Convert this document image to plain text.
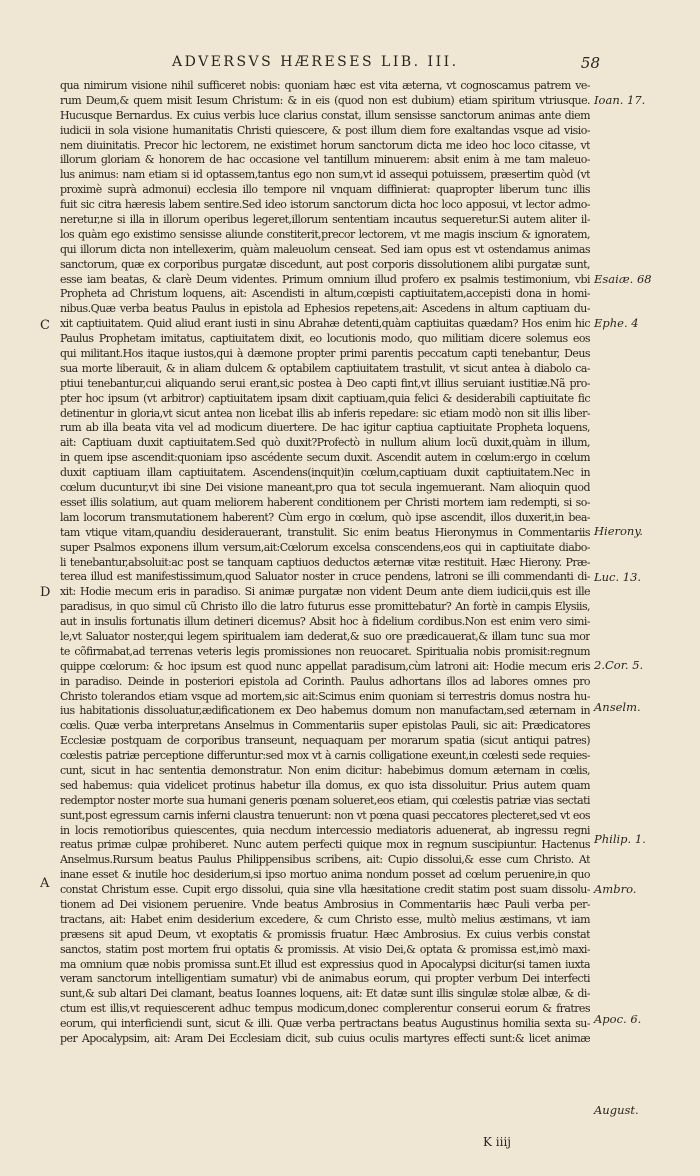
ADVERSVS HÆRESES LIB. III.	58
qua nimirum visione nihil sufficeret nobis: quoniam hæc est vita æterna, vt cognoscamus patrem ve-
rum Deum,& quem misit Iesum Christum: & in eis (quod non est dubium) etiam spiritum vtriusque.
Hucusque Bernardus. Ex cuius verbis luce clarius constat, illum sensisse sanctorum animas ante diem
iudicii in sola visione humanitatis Christi quiescere, & post illum diem fore exaltandas vsque ad visio-
nem diuinitatis. Precor hic lectorem, ne existimet horum sanctorum dicta me ideo hoc loco citasse, vt
illorum gloriam & honorem de hac occasione vel tantillum minuerem: absit enim à me tam maleuo-
lus animus: nam etiam si id optassem,tantus ego non sum,vt id assequi potuissem, præsertim quòd (vt
proximè suprà admonui) ecclesia illo tempore nil vnquam diffinierat: quapropter liberum tunc illis
fuit sic citra hæresis labem sentire.Sed ideo istorum sanctorum dicta hoc loco apposui, vt lector admo-
neretur,ne si illa in illorum operibus legeret,illorum sententiam incautus sequeretur.Si autem aliter il-
los quàm ego existimo sensisse aliunde constiterit,precor lectorem, vt me magis inscium & ignoratem,
qui illorum dicta non intellexerim, quàm maleuolum censeat. Sed iam opus est vt ostendamus animas
sanctorum, quæ ex corporibus purgatæ discedunt, aut post corporis dissolutionem alibi purgatæ sunt,
esse iam beatas, & clarè Deum videntes. Primum omnium illud profero ex psalmis testimonium, vbi
Propheta ad Christum loquens, ait: Ascendisti in altum,cœpisti captiuitatem,accepisti dona in homi-
nibus.Quæ verba beatus Paulus in epistola ad Ephesios repetens,ait: Ascedens in altum captiuam du-
xit captiuitatem. Quid aliud erant iusti in sinu Abrahæ detenti,quàm captiuitas quædam? Hos enim hic
Paulus Prophetam imitatus, captiuitatem dixit, eo locutionis modo, quo militiam dicere solemus eos
qui militant.Hos itaque iustos,qui à dæmone propter primi parentis peccatum capti tenebantur, Deus
sua morte liberauit, & in aliam dulcem & optabilem captiuitatem trastulit, vt sicut antea à diabolo ca-
ptiui tenebantur,cui aliquando serui erant,sic postea à Deo capti fint,vt illius seruiant iustitiæ.Nã pro-
pter hoc ipsum (vt arbitror) captiuitatem ipsam dixit captiuam,quia felici & desiderabili captiuitate fic
detinentur in gloria,vt sicut antea non licebat illis ab inferis repedare: sic etiam modò non sit illis liber-
rum ab illa beata vita vel ad modicum diuertere. De hac igitur captiua captiuitate Propheta loquens,
ait: Captiuam duxit captiuitatem.Sed quò duxit?Profectò in nullum alium locũ duxit,quàm in illum,
in quem ipse ascendit:quoniam ipso ascédente secum duxit. Ascendit autem in cœlum:ergo in cœlum
duxit captiuam illam captiuitatem. Ascendens(inquit)in cœlum,captiuam duxit captiuitatem.Nec in
cœlum ducuntur,vt ibi sine Dei visione maneant,pro qua tot secula ingemuerant. Nam alioquin quod
esset illis solatium, aut quam meliorem haberent conditionem per Christi mortem iam redempti, si so-
lam locorum transmutationem haberent? Cùm ergo in cœlum, quò ipse ascendit, illos duxerit,in bea-
tam vtique vitam,quandiu desiderauerant, transtulit. Sic enim beatus Hieronymus in Commentariis
super Psalmos exponens illum versum,ait:Cœlorum excelsa conscendens,eos qui in captiuitate diabo-
li tenebantur,absoluit:ac post se tanquam captiuos deductos æternæ vitæ restituit. Hæc Hierony. Præ-
terea illud est manifestissimum,quod Saluator noster in cruce pendens, latroni se illi commendanti di-
xit: Hodie mecum eris in paradiso. Si animæ purgatæ non vident Deum ante diem iudicii,quis est ille
paradisus, in quo simul cũ Christo illo die latro futurus esse promittebatur? An fortè in campis Elysiis,
aut in insulis fortunatis illum detineri dicemus? Absit hoc à fidelium cordibus.Non est enim vero simi-
le,vt Saluator noster,qui legem spiritualem iam dederat,& suo ore prædicauerat,& illam tunc sua mor
te cõfirmabat,ad terrenas veteris legis promissiones non reuocaret. Spiritualia nobis promisit:regnum
quippe cœlorum: & hoc ipsum est quod nunc appellat paradisum,cùm latroni ait: Hodie mecum eris
in paradiso. Deinde in posteriori epistola ad Corinth. Paulus adhortans illos ad labores omnes pro
Christo tolerandos etiam vsque ad mortem,sic ait:Scimus enim quoniam si terrestris domus nostra hu-
ius habitationis dissoluatur,ædificationem ex Deo habemus domum non manufactam,sed æternam in
cœlis. Quæ verba interpretans Anselmus in Commentariis super epistolas Pauli, sic ait: Prædicatores
Ecclesiæ postquam de corporibus transeunt, nequaquam per morarum spatia (sicut antiqui patres)
cœlestis patriæ perceptione differuntur:sed mox vt à carnis colligatione exeunt,in cœlesti sede requies-
cunt, sicut in hac sententia demonstratur. Non enim dicitur: habebimus domum æternam in cœlis,
sed habemus: quia videlicet protinus habetur illa domus, ex quo ista dissoluitur. Prius autem quam
redemptor noster morte sua humani generis pœnam solueret,eos etiam, qui cœlestis patriæ vias sectati
sunt,post egressum carnis inferni claustra tenuerunt: non vt pœna quasi peccatores plecteret,sed vt eos
in locis remotioribus quiescentes, quia necdum intercessio mediatoris aduenerat, ab ingressu regni
reatus primæ culpæ prohiberet. Nunc autem perfecti quique mox in regnum suscipiuntur. Hactenus
Anselmus.Rursum beatus Paulus Philippensibus scribens, ait: Cupio dissolui,& esse cum Christo. At
inane esset & inutile hoc desiderium,si ipso mortuo anima nondum posset ad cœlum peruenire,in quo
constat Christum esse. Cupit ergo dissolui, quia sine vlla hæsitatione credit statim post suam dissolu-
tionem ad Dei visionem peruenire. Vnde beatus Ambrosius in Commentariis hæc Pauli verba per-
tractans, ait: Habet enim desiderium excedere, & cum Christo esse, multò melius æstimans, vt iam
præsens sit apud Deum, vt exoptatis & promissis fruatur. Hæc Ambrosius. Ex cuius verbis constat
sanctos, statim post mortem frui optatis & promissis. At visio Dei,& optata & promissa est,imò maxi-
ma omnium quæ nobis promissa sunt.Et illud est expressius quod in Apocalypsi dicitur(si tamen iuxta
veram sanctorum intelligentiam sumatur) vbi de animabus eorum, qui propter verbum Dei interfecti
sunt,& sub altari Dei clamant, beatus Ioannes loquens, ait: Et datæ sunt illis singulæ stolæ albæ, & di-
ctum est illis,vt requiescerent adhuc tempus modicum,donec complerentur conserui eorum & fratres
eorum, qui interficiendi sunt, sicut & illi. Quæ verba pertractans beatus Augustinus homilia sexta su-
per Apocalypsim, ait: Aram Dei Ecclesiam dicit, sub cuius oculis martyres effecti sunt:& licet animæ
Ioan. 17.
Esaiæ. 68
Ephe. 4
Hierony.
Luc. 13.
2.Cor. 5.
Anselm.
Philip. 1.
Ambro.
Apoc. 6.
August.
C
D
A
K iiij
